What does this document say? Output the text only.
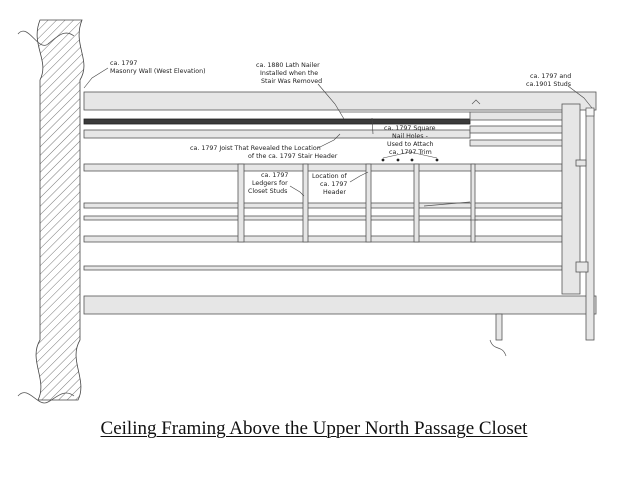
ca. 1797
Masonry Wall (West Elevation)
ca. 1880 Lath Nailer
Installed when the
Stair Was Removed
ca. 1797 and
ca.1901 Studs
ca. 1797 Joist That Revealed the Location
of the ca. 1797 Stair Header
ca. 1797 Square
Nail Holes -
Used to Attach
ca. 1797 Trim
ca. 1797
Ledgers for
Closet Studs
Location of
ca. 1797
Header
Ceiling Framing Above the Upper North Passage Closet
